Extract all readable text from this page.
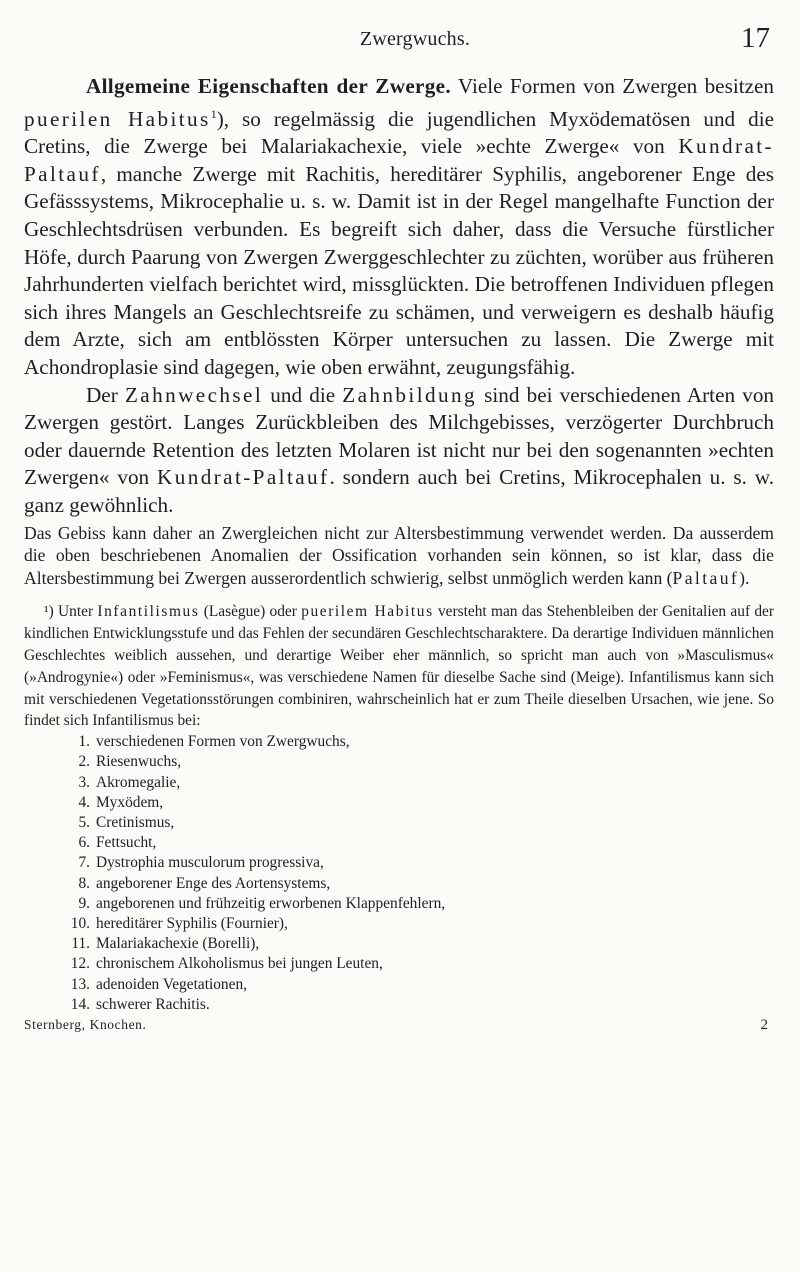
Zwergwuchs.	17

Allgemeine Eigenschaften der Zwerge. Viele Formen von Zwergen besitzen puerilen Habitus$^1$), so regelmässig die jugendlichen Myxödematösen und die Cretins, die Zwerge bei Malariakachexie, viele »echte Zwerge« von Kundrat-Paltauf, manche Zwerge mit Rachitis, hereditärer Syphilis, angeborener Enge des Gefässsystems, Mikrocephalie u. s. w. Damit ist in der Regel mangelhafte Function der Geschlechtsdrüsen verbunden. Es begreift sich daher, dass die Versuche fürstlicher Höfe, durch Paarung von Zwergen Zwerggeschlechter zu züchten, worüber aus früheren Jahrhunderten vielfach berichtet wird, missglückten. Die betroffenen Individuen pflegen sich ihres Mangels an Geschlechtsreife zu schämen, und verweigern es deshalb häufig dem Arzte, sich am entblössten Körper untersuchen zu lassen. Die Zwerge mit Achondroplasie sind dagegen, wie oben erwähnt, zeugungsfähig.

Der Zahnwechsel und die Zahnbildung sind bei verschiedenen Arten von Zwergen gestört. Langes Zurückbleiben des Milchgebisses, verzögerter Durchbruch oder dauernde Retention des letzten Molaren ist nicht nur bei den sogenannten »echten Zwergen« von Kundrat-Paltauf. sondern auch bei Cretins, Mikrocephalen u. s. w. ganz gewöhnlich.

Das Gebiss kann daher an Zwergleichen nicht zur Altersbestimmung verwendet werden. Da ausserdem die oben beschriebenen Anomalien der Ossification vorhanden sein können, so ist klar, dass die Altersbestimmung bei Zwergen ausserordentlich schwierig, selbst unmöglich werden kann (Paltauf).

¹) Unter Infantilismus (Lasègue) oder puerilem Habitus versteht man das Stehenbleiben der Genitalien auf der kindlichen Entwicklungsstufe und das Fehlen der secundären Geschlechtscharaktere. Da derartige Individuen männlichen Geschlechtes weiblich aussehen, und derartige Weiber eher männlich, so spricht man auch von »Masculismus« (»Androgynie«) oder »Feminismus«, was verschiedene Namen für dieselbe Sache sind (Meige). Infantilismus kann sich mit verschiedenen Vegetationsstörungen combiniren, wahrscheinlich hat er zum Theile dieselben Ursachen, wie jene. So findet sich Infantilismus bei:

1. verschiedenen Formen von Zwergwuchs,
2. Riesenwuchs,
3. Akromegalie,
4. Myxödem,
5. Cretinismus,
6. Fettsucht,
7. Dystrophia musculorum progressiva,
8. angeborener Enge des Aortensystems,
9. angeborenen und frühzeitig erworbenen Klappenfehlern,
10. hereditärer Syphilis (Fournier),
11. Malariakachexie (Borelli),
12. chronischem Alkoholismus bei jungen Leuten,
13. adenoiden Vegetationen,
14. schwerer Rachitis.
Sternberg, Knochen.	2
